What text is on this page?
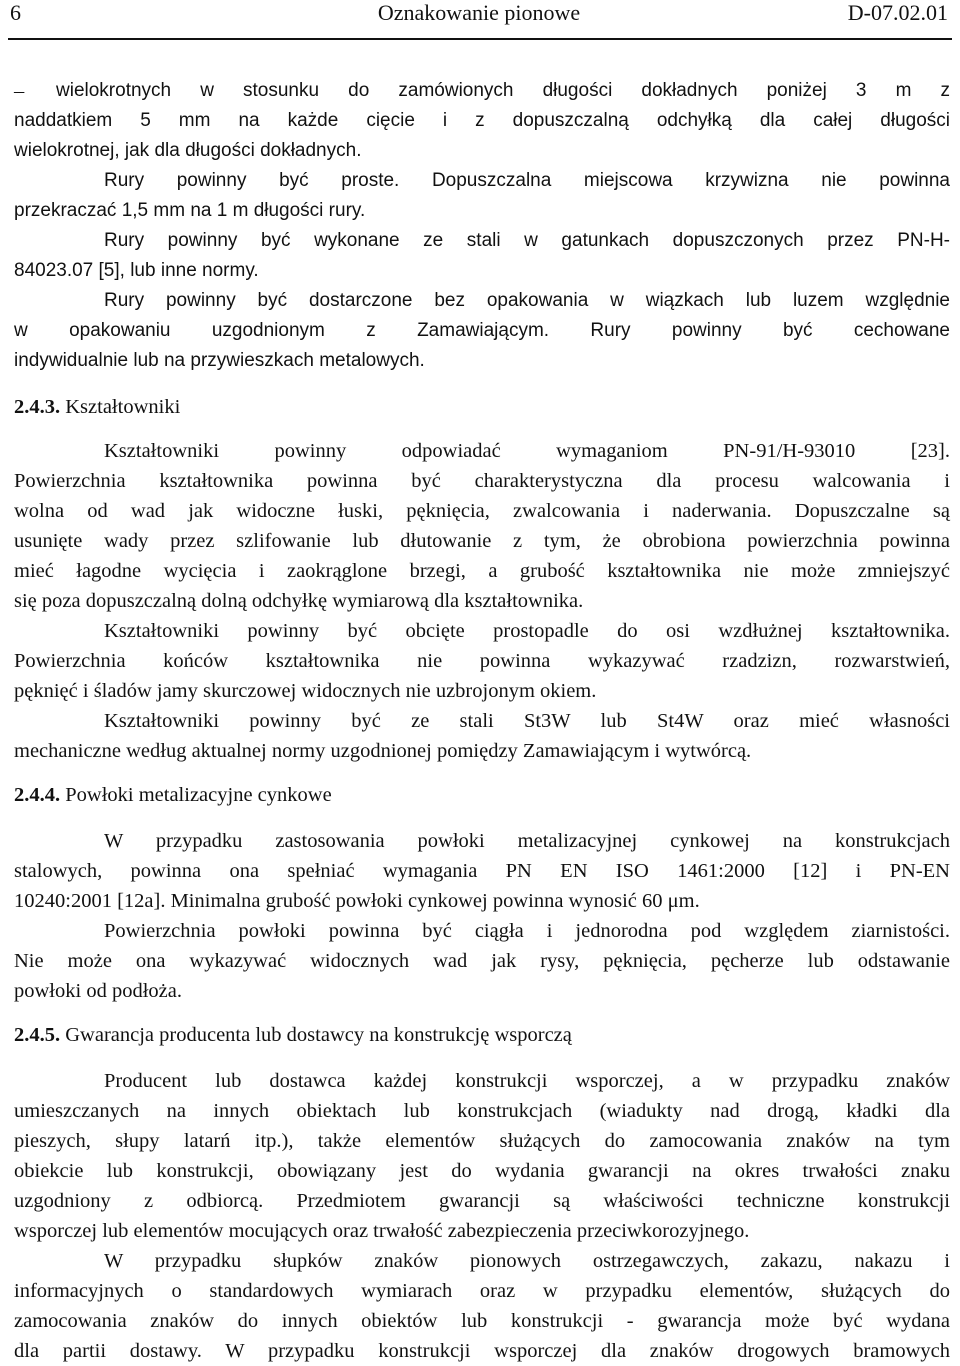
6	Oznakowanie pionowe	D-07.02.01
–	wielokrotnych w stosunku do zamówionych długości dokładnych poniżej 3 m z
naddatkiem 5 mm na każde cięcie i z dopuszczalną odchyłką dla całej długości
wielokrotnej, jak dla długości dokładnych.
Rury powinny być proste. Dopuszczalna miejscowa krzywizna nie powinna
przekraczać 1,5 mm na 1 m długości rury.
Rury powinny być wykonane ze stali w gatunkach dopuszczonych przez PN-H-
84023.07 [5], lub inne normy.
Rury powinny być dostarczone bez opakowania w wiązkach lub luzem względnie
w opakowaniu uzgodnionym z Zamawiającym. Rury powinny być cechowane
indywidualnie lub na przywieszkach metalowych.
2.4.3. Kształtowniki
Kształtowniki powinny odpowiadać wymaganiom PN-91/H-93010 [23].
Powierzchnia kształtownika powinna być charakterystyczna dla procesu walcowania i
wolna od wad jak widoczne łuski, pęknięcia, zwalcowania i naderwania. Dopuszczalne są
usunięte wady przez szlifowanie lub dłutowanie z tym, że obrobiona powierzchnia powinna
mieć łagodne wycięcia i zaokrąglone brzegi, a grubość kształtownika nie może zmniejszyć
się poza dopuszczalną dolną odchyłkę wymiarową dla kształtownika.
Kształtowniki powinny być obcięte prostopadle do osi wzdłużnej kształtownika.
Powierzchnia końców kształtownika nie powinna wykazywać rzadzizn, rozwarstwień,
pęknięć i śladów jamy skurczowej widocznych nie uzbrojonym okiem.
Kształtowniki powinny być ze stali St3W lub St4W oraz mieć własności
mechaniczne według aktualnej normy uzgodnionej pomiędzy Zamawiającym i wytwórcą.
2.4.4. Powłoki metalizacyjne cynkowe
W przypadku zastosowania powłoki metalizacyjnej cynkowej na konstrukcjach
stalowych, powinna ona spełniać wymagania PN EN ISO 1461:2000 [12] i PN-EN
10240:2001 [12a]. Minimalna grubość powłoki cynkowej powinna wynosić 60 μm.
Powierzchnia powłoki powinna być ciągła i jednorodna pod względem ziarnistości.
Nie może ona wykazywać widocznych wad jak rysy, pęknięcia, pęcherze lub odstawanie
powłoki od podłoża.
2.4.5. Gwarancja producenta lub dostawcy na konstrukcję wsporczą
Producent lub dostawca każdej konstrukcji wsporczej, a w przypadku znaków
umieszczanych na innych obiektach lub konstrukcjach (wiadukty nad drogą, kładki dla
pieszych, słupy latarń itp.), także elementów służących do zamocowania znaków na tym
obiekcie lub konstrukcji, obowiązany jest do wydania gwarancji na okres trwałości znaku
uzgodniony z odbiorcą. Przedmiotem gwarancji są właściwości techniczne konstrukcji
wsporczej lub elementów mocujących oraz trwałość zabezpieczenia przeciwkorozyjnego.
W przypadku słupków znaków pionowych ostrzegawczych, zakazu, nakazu i
informacyjnych o standardowych wymiarach oraz w przypadku elementów, służących do
zamocowania znaków do innych obiektów lub konstrukcji - gwarancja może być wydana
dla partii dostawy. W przypadku konstrukcji wsporczej dla znaków drogowych bramowych
